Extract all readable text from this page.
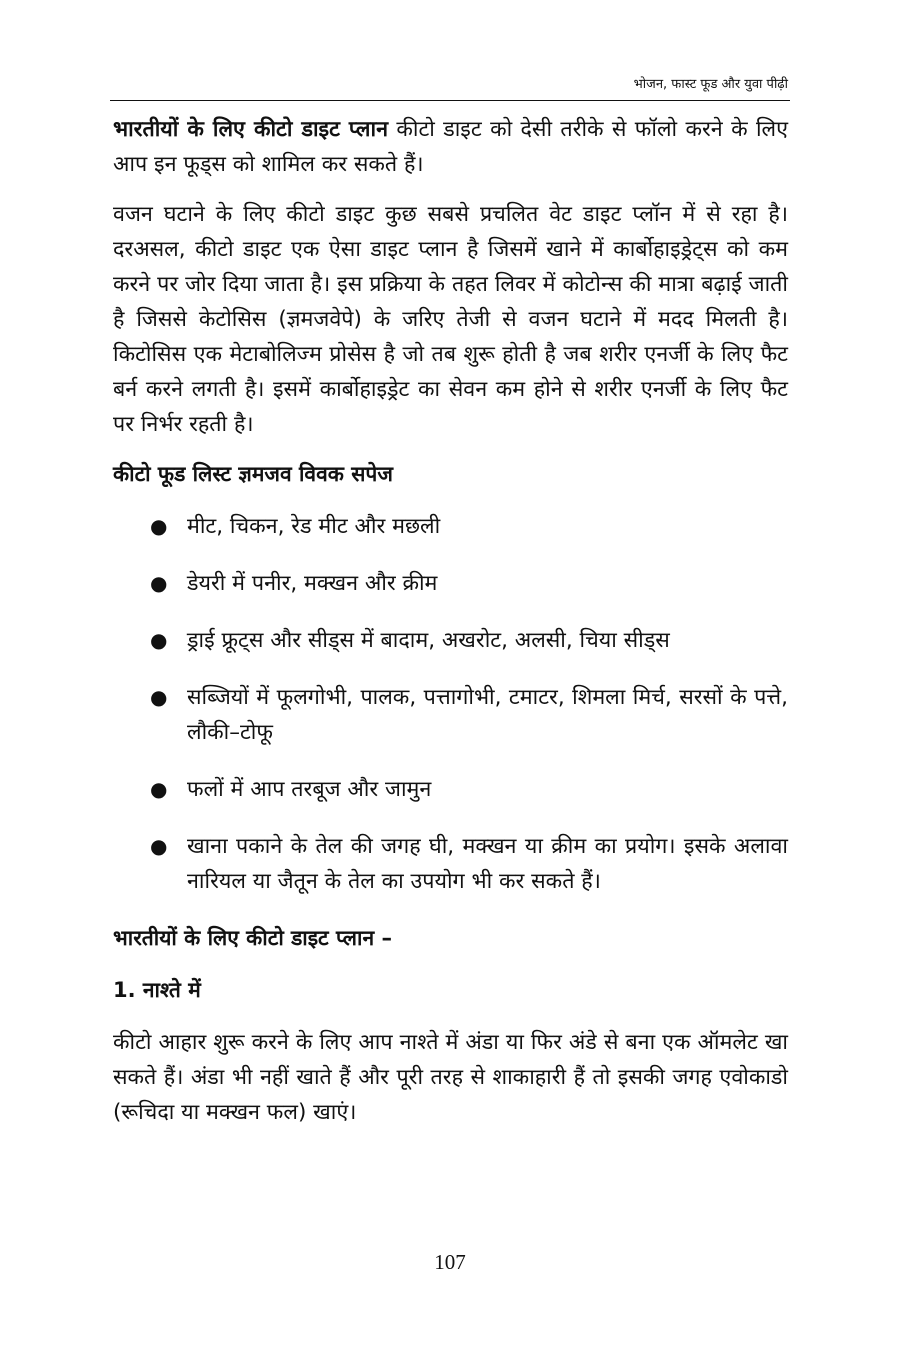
भोजन, फास्ट फूड और युवा पीढ़ी

भारतीयों के लिए कीटो डाइट प्लान कीटो डाइट को देसी तरीके से फॉलो करने के लिए आप इन फूड्स को शामिल कर सकते हैं।

वजन घटाने के लिए कीटो डाइट कुछ सबसे प्रचलित वेट डाइट प्लॉन में से रहा है। दरअसल, कीटो डाइट एक ऐसा डाइट प्लान है जिसमें खाने में कार्बोहाइड्रेट्स को कम करने पर जोर दिया जाता है। इस प्रक्रिया के तहत लिवर में कोटोन्स की मात्रा बढ़ाई जाती है जिससे केटोसिस (ज्ञमजवेपे) के जरिए तेजी से वजन घटाने में मदद मिलती है। किटोसिस एक मेटाबोलिज्म प्रोसेस है जो तब शुरू होती है जब शरीर एनर्जी के लिए फैट बर्न करने लगती है। इसमें कार्बोहाइड्रेट का सेवन कम होने से शरीर एनर्जी के लिए फैट पर निर्भर रहती है।

कीटो फूड लिस्ट ज्ञमजव विवक सपेज
● मीट, चिकन, रेड मीट और मछली
● डेयरी में पनीर, मक्खन और क्रीम
● ड्राई फ्रूट्स और सीड्स में बादाम, अखरोट, अलसी, चिया सीड्स
● सब्जियों में फूलगोभी, पालक, पत्तागोभी, टमाटर, शिमला मिर्च, सरसों के पत्ते, लौकी–टोफू
● फलों में आप तरबूज और जामुन
● खाना पकाने के तेल की जगह घी, मक्खन या क्रीम का प्रयोग। इसके अलावा नारियल या जैतून के तेल का उपयोग भी कर सकते हैं।
भारतीयों के लिए कीटो डाइट प्लान –
1. नाश्ते में

कीटो आहार शुरू करने के लिए आप नाश्ते में अंडा या फिर अंडे से बना एक ऑमलेट खा सकते हैं। अंडा भी नहीं खाते हैं और पूरी तरह से शाकाहारी हैं तो इसकी जगह एवोकाडो (रूचिदा या मक्खन फल) खाएं।

107
